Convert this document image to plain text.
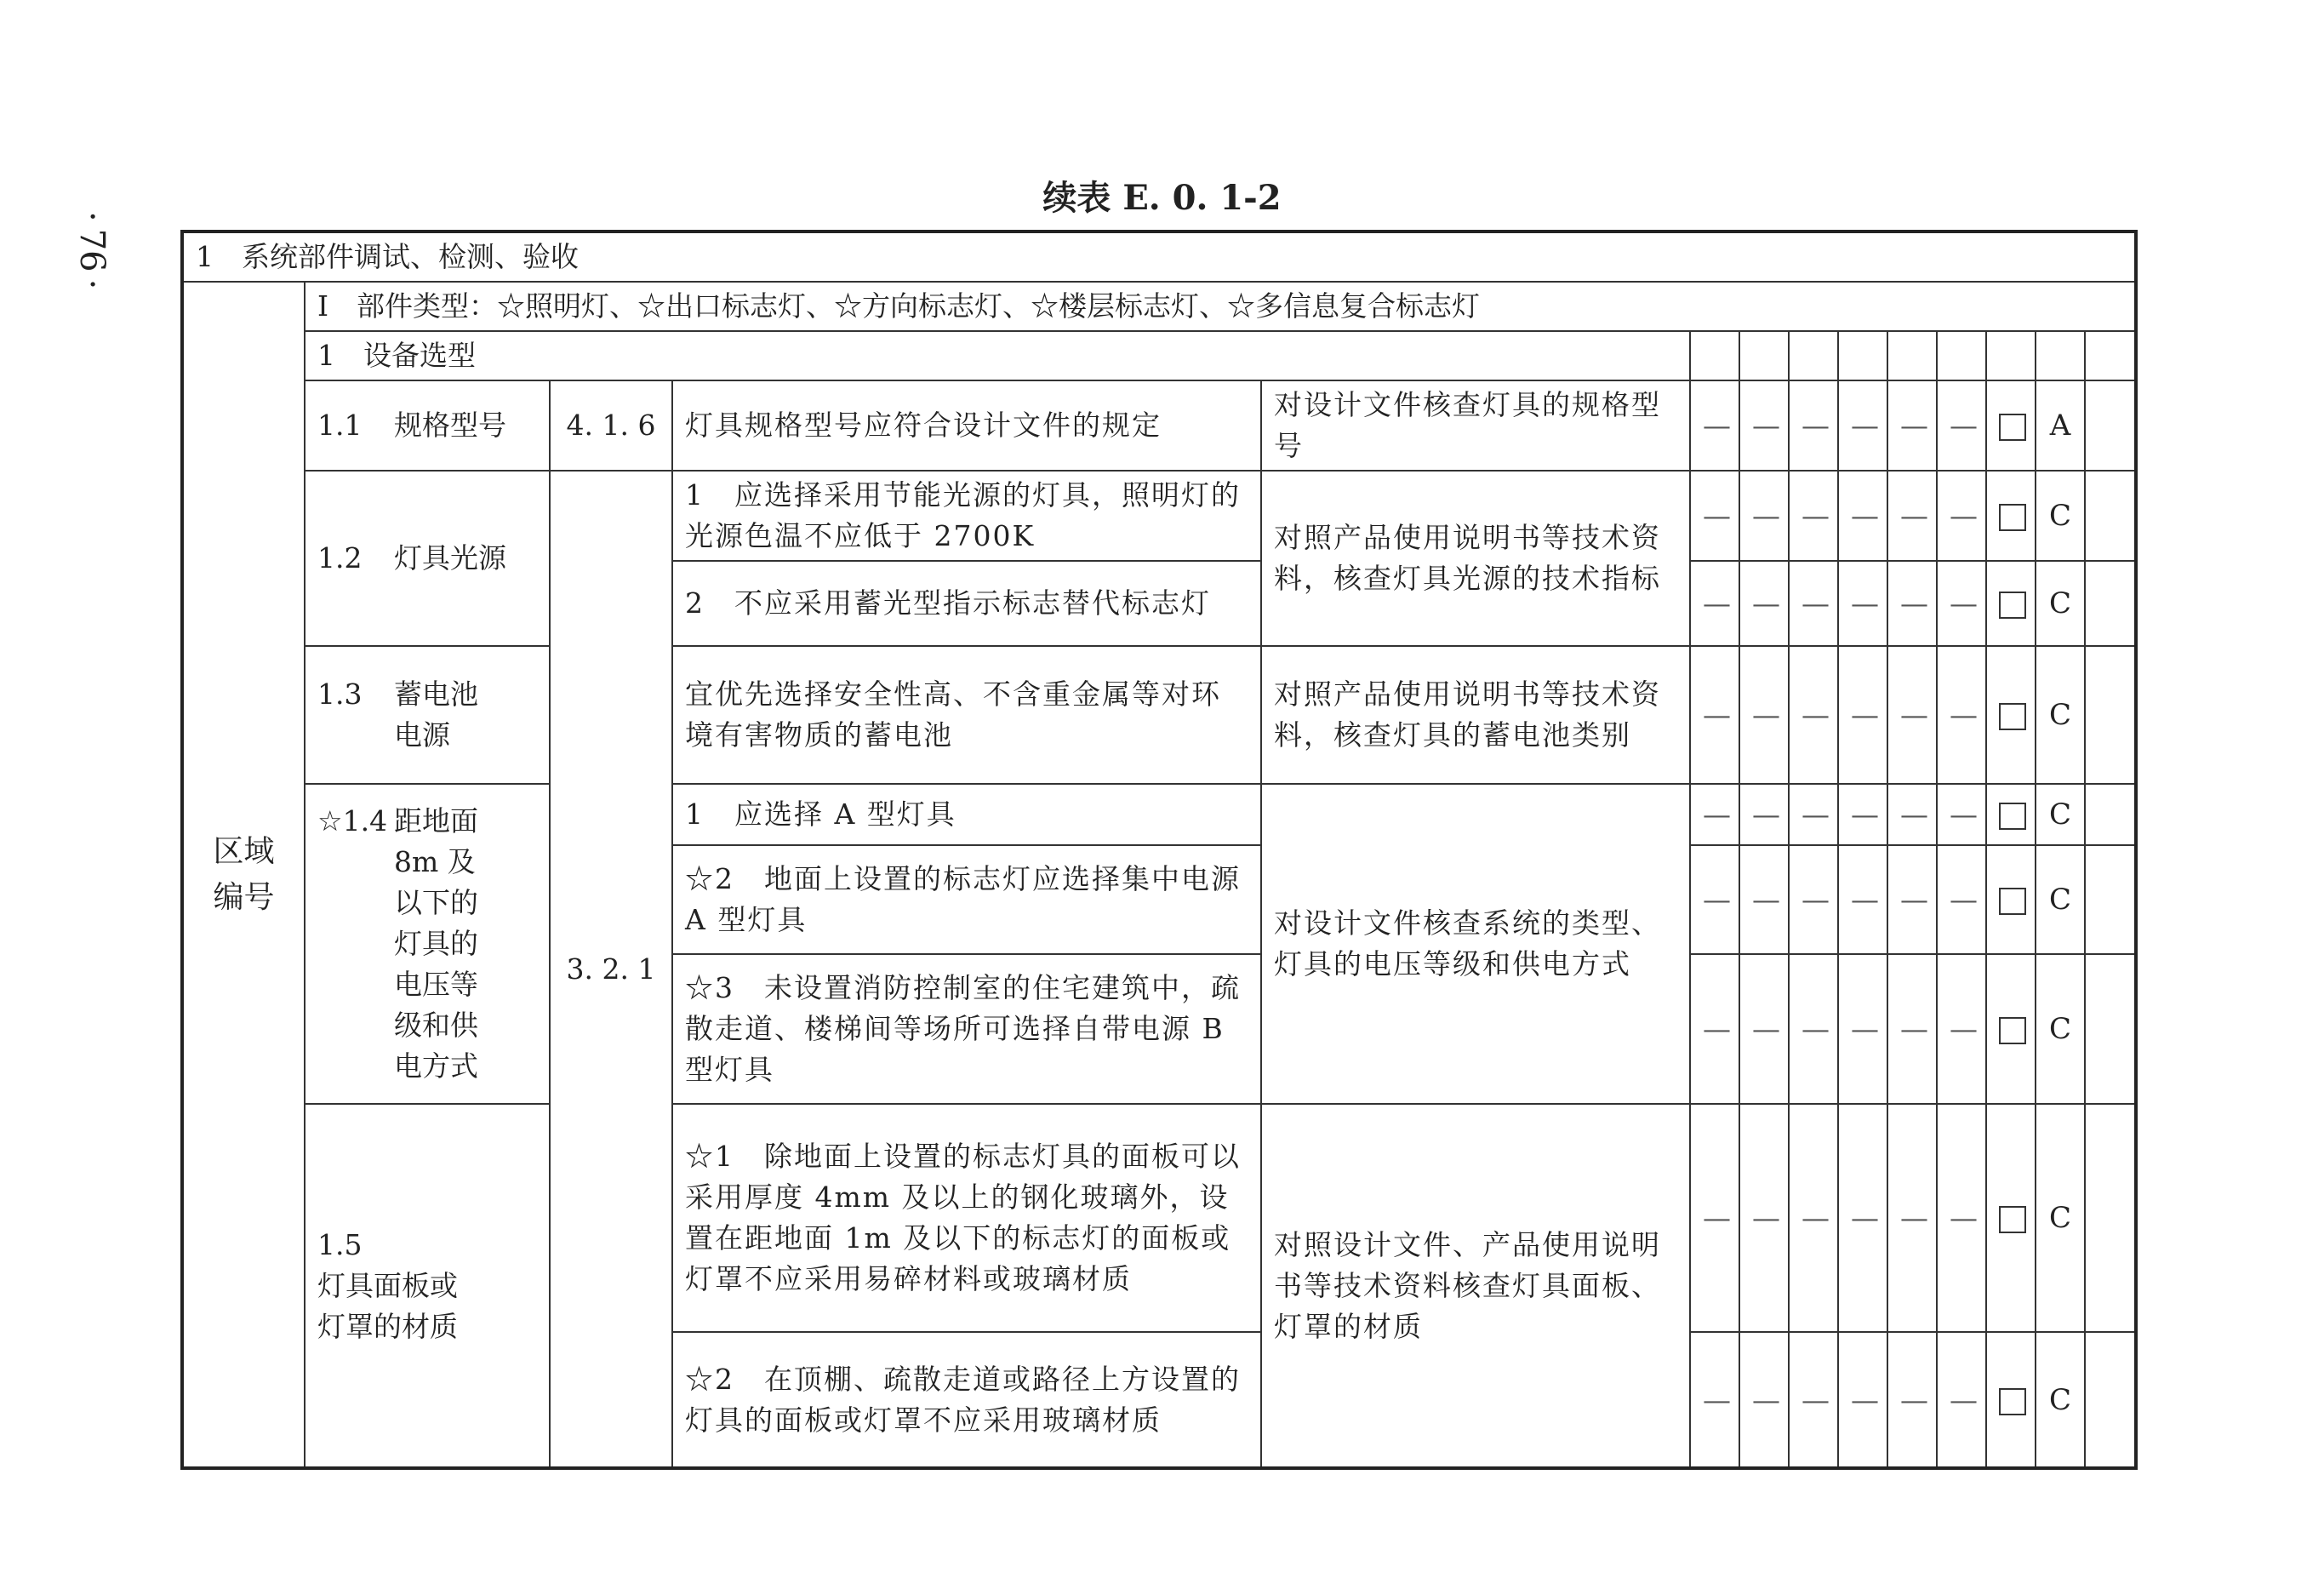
·76·
续表 E. 0. 1-2
1　系统部件调试、检测、验收													

区域
编号	Ⅰ　部件类型：☆照明灯、☆出口标志灯、☆方向标志灯、☆楼层标志灯、☆多信息复合标志灯												
	1　设备选型												
	1.1 规格型号	4. 1. 6	灯具规格型号应符合设计文件的规定	对设计文件核查灯具的规格型号	—	—	—	—	—	—		A	
	1.2 灯具光源	3. 2. 1	1　应选择采用节能光源的灯具，照明灯的光源色温不应低于 2700K	对照产品使用说明书等技术资料，核查灯具光源的技术指标	—	—	—	—	—	—		C	
			2　不应采用蓄光型指示标志替代标志灯		—	—	—	—	—	—		C	
	1.3 蓄电池电源		宜优先选择安全性高、不含重金属等对环境有害物质的蓄电池	对照产品使用说明书等技术资料，核查灯具的蓄电池类别	—	—	—	—	—	—		C	
	☆1.4 距地面 8m 及以下的灯具的电压等级和供电方式		1　应选择 A 型灯具	对设计文件核查系统的类型、灯具的电压等级和供电方式	—	—	—	—	—	—		C	
			☆2　地面上设置的标志灯应选择集中电源 A 型灯具		—	—	—	—	—	—		C	
			☆3　未设置消防控制室的住宅建筑中，疏散走道、楼梯间等场所可选择自带电源 B 型灯具		—	—	—	—	—	—		C	
	1.5灯具面板或灯罩的材质		☆1　除地面上设置的标志灯具的面板可以采用厚度 4mm 及以上的钢化玻璃外，设置在距地面 1m 及以下的标志灯的面板或灯罩不应采用易碎材料或玻璃材质	对照设计文件、产品使用说明书等技术资料核查灯具面板、灯罩的材质	—	—	—	—	—	—		C	
			☆2　在顶棚、疏散走道或路径上方设置的灯具的面板或灯罩不应采用玻璃材质		—	—	—	—	—	—		C	
